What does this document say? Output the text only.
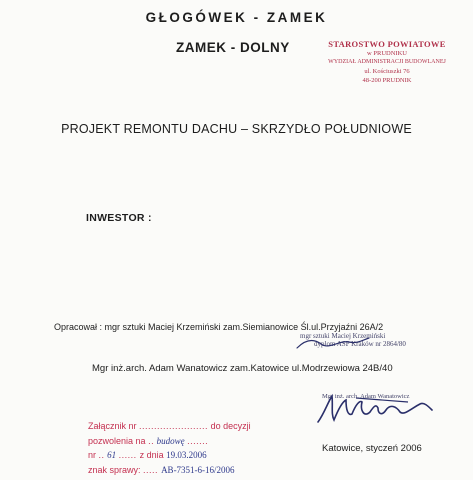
GŁOGÓWEK - ZAMEK
ZAMEK - DOLNY	STAROSTWO POWIATOWE
w PRUDNIKU
WYDZIAŁ ADMINISTRACJI BUDOWLANEJ
ul. Kościuszki 76
48-200 PRUDNIK
PROJEKT REMONTU DACHU – SKRZYDŁO POŁUDNIOWE
INWESTOR :
Opracował : mgr sztuki Maciej Krzemiński zam.Siemianowice Śl.ul.Przyjaźni 26A/2
mgr sztuki Maciej Krzemiński
dyplom ASP Kraków nr 2864/80
Mgr inż.arch. Adam Wanatowicz zam.Katowice ul.Modrzewiowa 24B/40
Mgr inż. arch. Adam Wanatowicz
Załącznik nr ....................... do decyzji
pozwolenia na .. budowę .......
nr .. 61 ...... z dnia 19.03.2006
znak sprawy: ..... AB-7351-6-16/2006
Katowice, styczeń 2006
